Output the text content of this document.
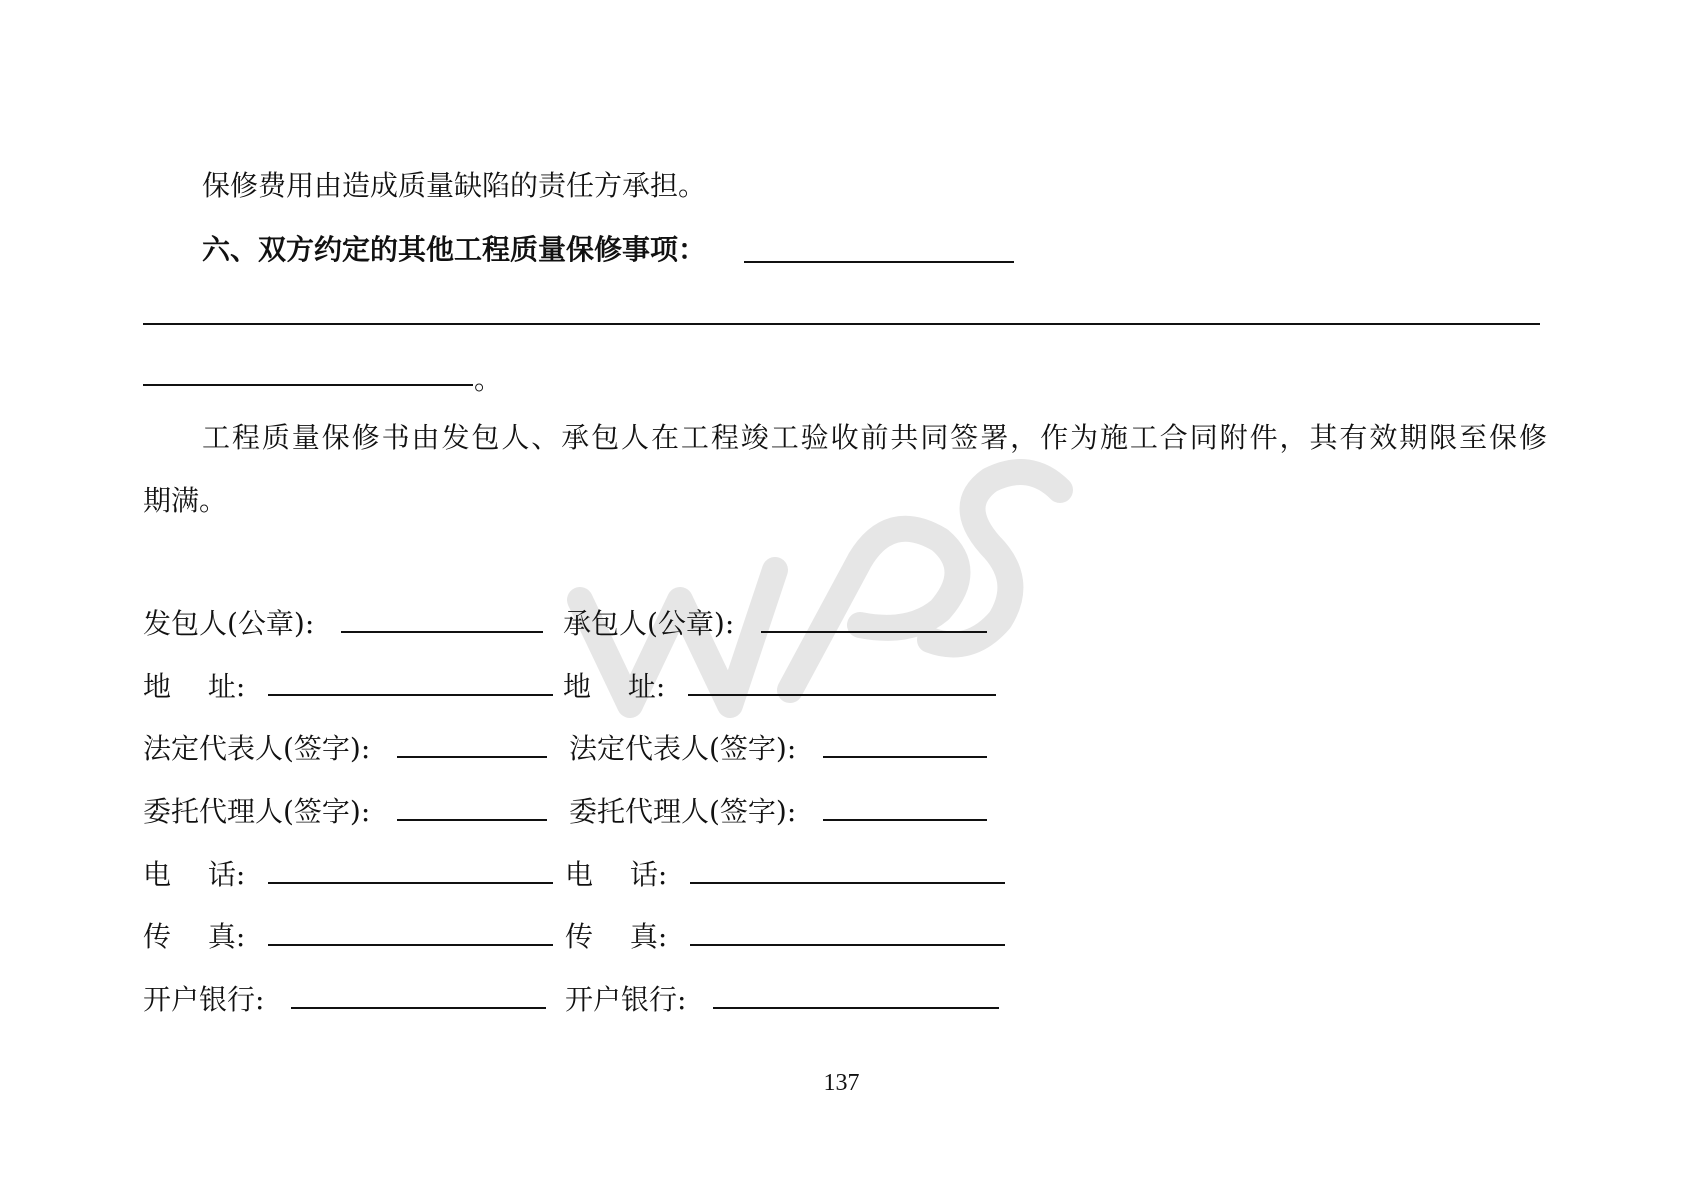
保修费用由造成质量缺陷的责任方承担。
六、双方约定的其他工程质量保修事项：
。
工程质量保修书由发包人、承包人在工程竣工验收前共同签署，作为施工合同附件，其有效期限至保修
期满。
发包人(公章):
地　 址:
法定代表人(签字):
委托代理人(签字):
电　 话:
传　 真:
开户银行:
承包人(公章):
地　 址:
法定代表人(签字):
委托代理人(签字):
电　 话:
传　 真:
开户银行:
137
